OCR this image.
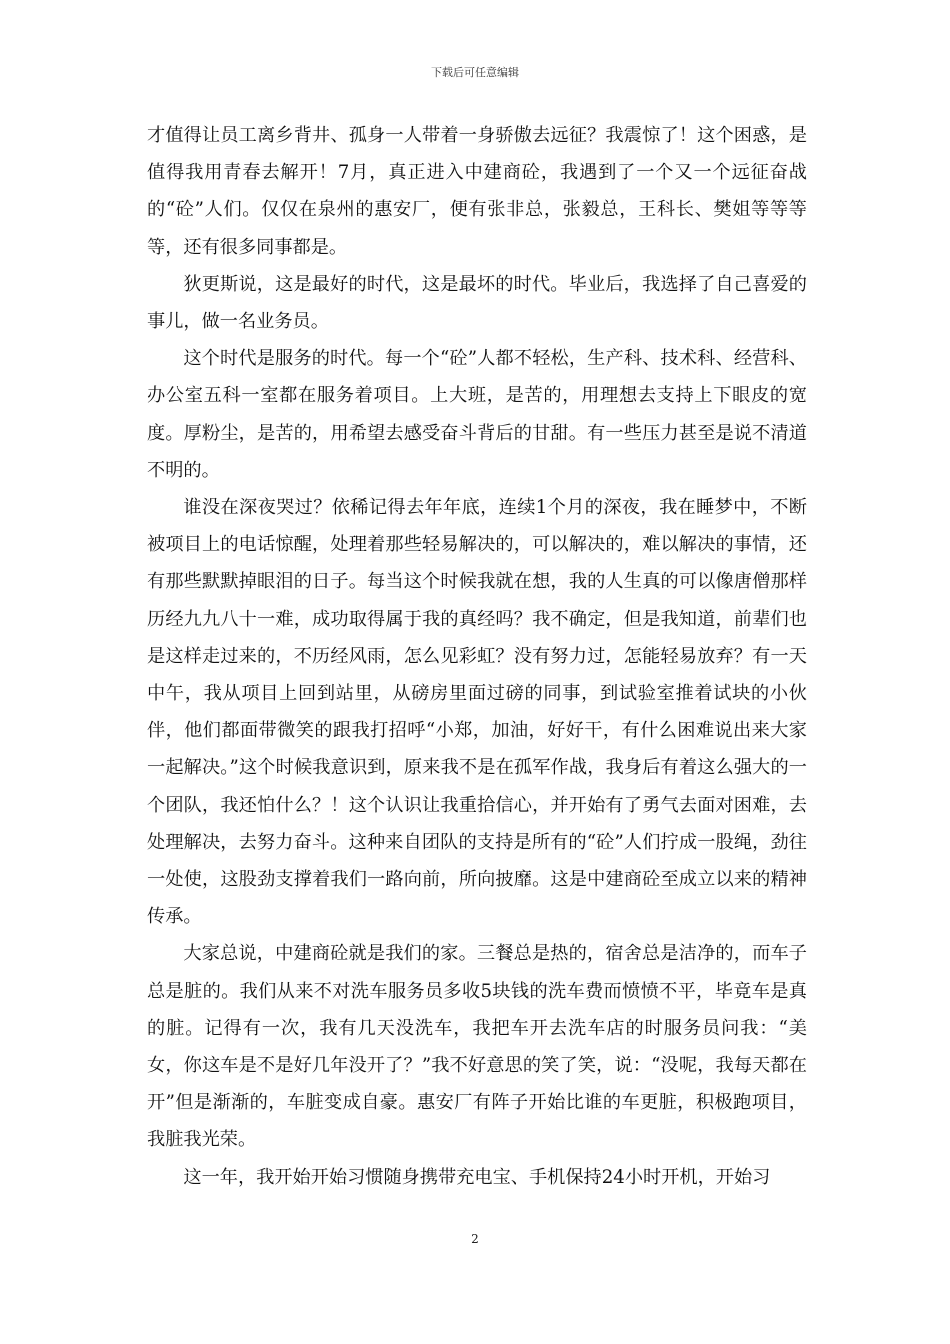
下载后可任意编辑

才值得让员工离乡背井、孤身一人带着一身骄傲去远征？我震惊了！这个困惑，是值得我用青春去解开！7月，真正进入中建商砼，我遇到了一个又一个远征奋战的“砼”人们。仅仅在泉州的惠安厂，便有张非总，张毅总，王科长、樊姐等等等等，还有很多同事都是。

狄更斯说，这是最好的时代，这是最坏的时代。毕业后，我选择了自己喜爱的事儿，做一名业务员。

这个时代是服务的时代。每一个“砼”人都不轻松，生产科、技术科、经营科、办公室五科一室都在服务着项目。上大班，是苦的，用理想去支持上下眼皮的宽度。厚粉尘，是苦的，用希望去感受奋斗背后的甘甜。有一些压力甚至是说不清道不明的。

谁没在深夜哭过？依稀记得去年年底，连续1个月的深夜，我在睡梦中，不断被项目上的电话惊醒，处理着那些轻易解决的，可以解决的，难以解决的事情，还有那些默默掉眼泪的日子。每当这个时候我就在想，我的人生真的可以像唐僧那样历经九九八十一难，成功取得属于我的真经吗？我不确定，但是我知道，前辈们也是这样走过来的，不历经风雨，怎么见彩虹？没有努力过，怎能轻易放弃？有一天中午，我从项目上回到站里，从磅房里面过磅的同事，到试验室推着试块的小伙伴，他们都面带微笑的跟我打招呼“小郑，加油，好好干，有什么困难说出来大家一起解决。”这个时候我意识到，原来我不是在孤军作战，我身后有着这么强大的一个团队，我还怕什么？！这个认识让我重拾信心，并开始有了勇气去面对困难，去处理解决，去努力奋斗。这种来自团队的支持是所有的“砼”人们拧成一股绳，劲往一处使，这股劲支撑着我们一路向前，所向披靡。这是中建商砼至成立以来的精神传承。

大家总说，中建商砼就是我们的家。三餐总是热的，宿舍总是洁净的，而车子总是脏的。我们从来不对洗车服务员多收5块钱的洗车费而愤愤不平，毕竟车是真的脏。记得有一次，我有几天没洗车，我把车开去洗车店的时服务员问我：“美女，你这车是不是好几年没开了？”我不好意思的笑了笑，说：“没呢，我每天都在开”但是渐渐的，车脏变成自豪。惠安厂有阵子开始比谁的车更脏，积极跑项目，我脏我光荣。

这一年，我开始开始习惯随身携带充电宝、手机保持24小时开机，开始习

2
